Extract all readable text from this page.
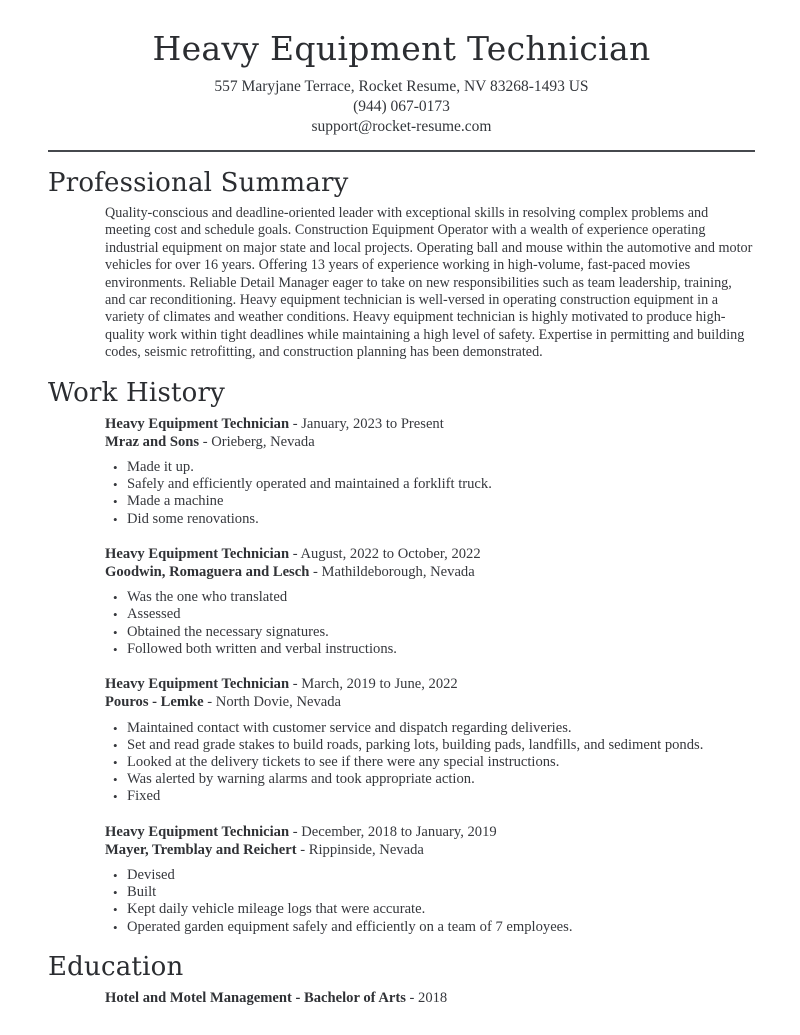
Heavy Equipment Technician
557 Maryjane Terrace, Rocket Resume, NV 83268-1493 US
(944) 067-0173
support@rocket-resume.com
Professional Summary

Quality-conscious and deadline-oriented leader with exceptional skills in resolving complex problems and meeting cost and schedule goals. Construction Equipment Operator with a wealth of experience operating industrial equipment on major state and local projects. Operating ball and mouse within the automotive and motor vehicles for over 16 years. Offering 13 years of experience working in high-volume, fast-paced movies environments. Reliable Detail Manager eager to take on new responsibilities such as team leadership, training, and car reconditioning. Heavy equipment technician is well-versed in operating construction equipment in a variety of climates and weather conditions. Heavy equipment technician is highly motivated to produce high-quality work within tight deadlines while maintaining a high level of safety. Expertise in permitting and building codes, seismic retrofitting, and construction planning has been demonstrated.

Work History
Heavy Equipment Technician - January, 2023 to Present
Mraz and Sons - Orieberg, Nevada
• Made it up.
• Safely and efficiently operated and maintained a forklift truck.
• Made a machine
• Did some renovations.
Heavy Equipment Technician - August, 2022 to October, 2022
Goodwin, Romaguera and Lesch - Mathildeborough, Nevada
• Was the one who translated
• Assessed
• Obtained the necessary signatures.
• Followed both written and verbal instructions.
Heavy Equipment Technician - March, 2019 to June, 2022
Pouros - Lemke - North Dovie, Nevada
• Maintained contact with customer service and dispatch regarding deliveries.
• Set and read grade stakes to build roads, parking lots, building pads, landfills, and sediment ponds.
• Looked at the delivery tickets to see if there were any special instructions.
• Was alerted by warning alarms and took appropriate action.
• Fixed
Heavy Equipment Technician - December, 2018 to January, 2019
Mayer, Tremblay and Reichert - Rippinside, Nevada
• Devised
• Built
• Kept daily vehicle mileage logs that were accurate.
• Operated garden equipment safely and efficiently on a team of 7 employees.
Education
Hotel and Motel Management - Bachelor of Arts - 2018
